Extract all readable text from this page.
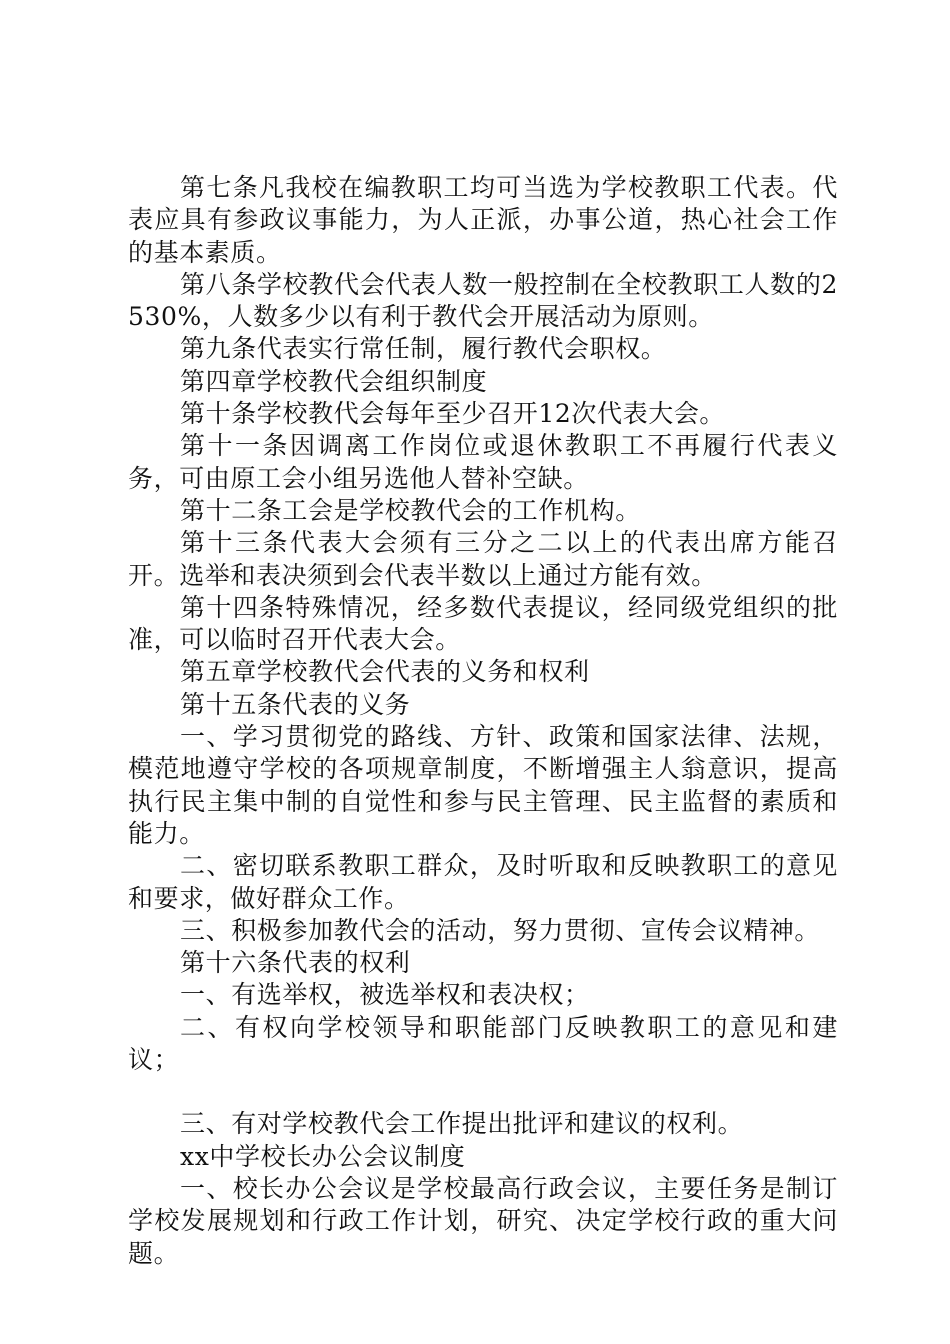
第七条凡我校在编教职工均可当选为学校教职工代表。代表应具有参政议事能力，为人正派，办事公道，热心社会工作的基本素质。

第八条学校教代会代表人数一般控制在全校教职工人数的2530%，人数多少以有利于教代会开展活动为原则。

第九条代表实行常任制，履行教代会职权。

第四章学校教代会组织制度

第十条学校教代会每年至少召开12次代表大会。

第十一条因调离工作岗位或退休教职工不再履行代表义务，可由原工会小组另选他人替补空缺。

第十二条工会是学校教代会的工作机构。

第十三条代表大会须有三分之二以上的代表出席方能召开。选举和表决须到会代表半数以上通过方能有效。

第十四条特殊情况，经多数代表提议，经同级党组织的批准，可以临时召开代表大会。

第五章学校教代会代表的义务和权利

第十五条代表的义务

一、学习贯彻党的路线、方针、政策和国家法律、法规，模范地遵守学校的各项规章制度，不断增强主人翁意识，提高执行民主集中制的自觉性和参与民主管理、民主监督的素质和能力。

二、密切联系教职工群众，及时听取和反映教职工的意见和要求，做好群众工作。

三、积极参加教代会的活动，努力贯彻、宣传会议精神。

第十六条代表的权利

一、有选举权，被选举权和表决权；

二、有权向学校领导和职能部门反映教职工的意见和建议；

三、有对学校教代会工作提出批评和建议的权利。

xx中学校长办公会议制度

一、校长办公会议是学校最高行政会议，主要任务是制订学校发展规划和行政工作计划，研究、决定学校行政的重大问题。
